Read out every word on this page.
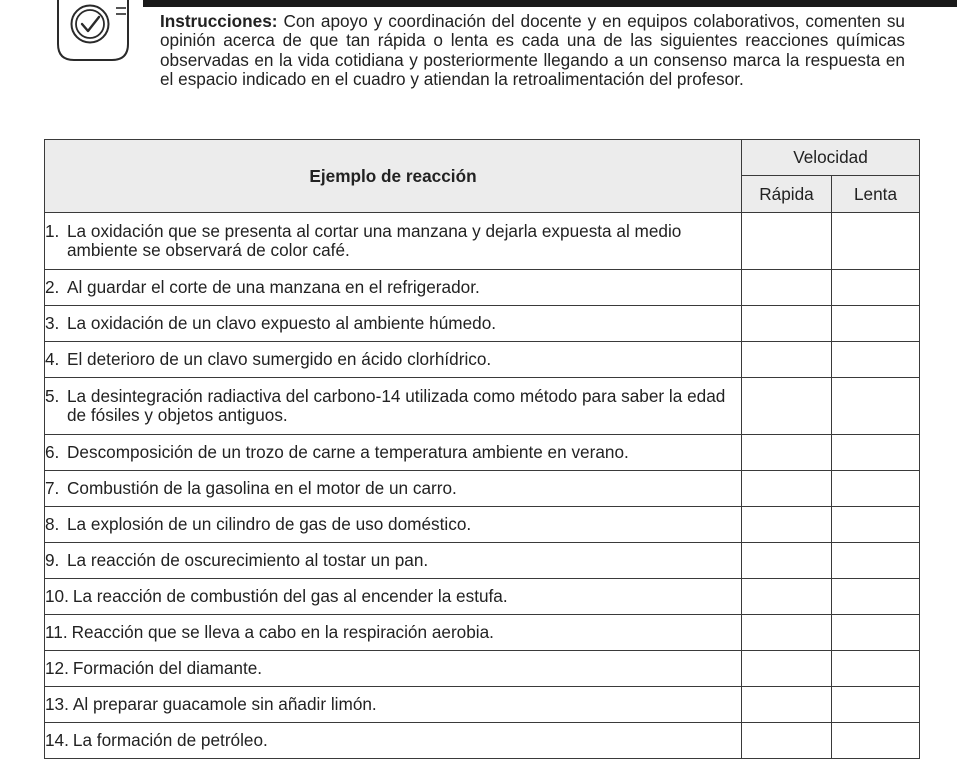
Instrucciones: Con apoyo y coordinación del docente y en equipos colaborativos, comenten su opinión acerca de que tan rápida o lenta es cada una de las siguientes reacciones químicas observadas en la vida cotidiana y posteriormente llegando a un consenso marca la respuesta en el espacio indicado en el cuadro y atiendan la retroalimentación del profesor.
Ejemplo de reacción	Velocidad	
	Rápida	Lenta

1. La oxidación que se presenta al cortar una manzana y dejarla expuesta al medio ambiente se observará de color café.		

2. Al guardar el corte de una manzana en el refrigerador.		

3. La oxidación de un clavo expuesto al ambiente húmedo.		

4. El deterioro de un clavo sumergido en ácido clorhídrico.		

5. La desintegración radiactiva del carbono-14 utilizada como método para saber la edad de fósiles y objetos antiguos.		

6. Descomposición de un trozo de carne a temperatura ambiente en verano.		

7. Combustión de la gasolina en el motor de un carro.		

8. La explosión de un cilindro de gas de uso doméstico.		

9. La reacción de oscurecimiento al tostar un pan.		

10. La reacción de combustión del gas al encender la estufa.		

11. Reacción que se lleva a cabo en la respiración aerobia.		

12. Formación del diamante.		

13. Al preparar guacamole sin añadir limón.		

14. La formación de petróleo.		
